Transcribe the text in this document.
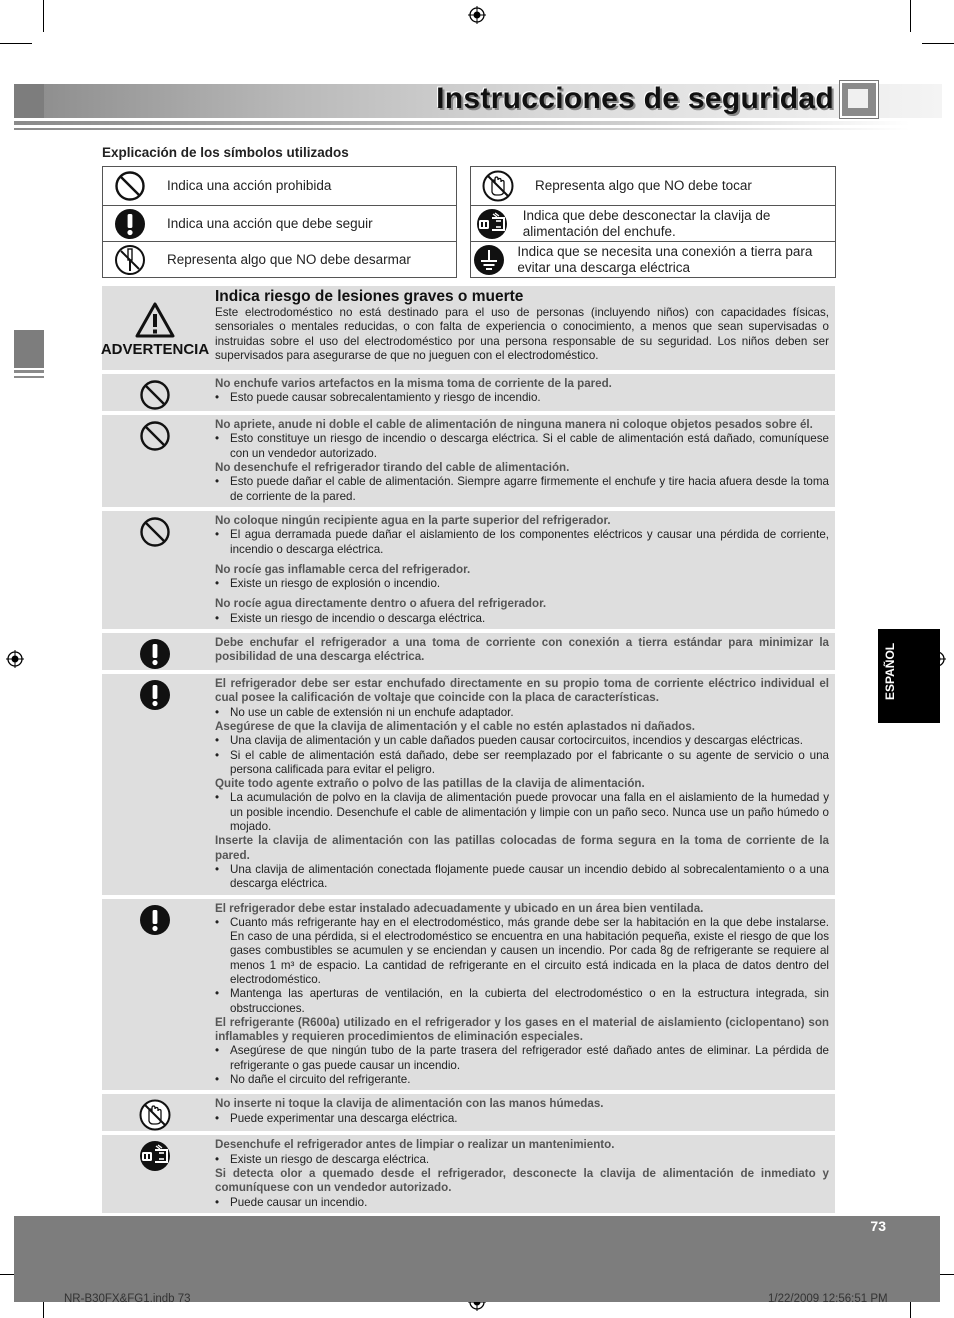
Instrucciones de seguridad
Explicación de los símbolos utilizados
Indica una acción prohibida
Indica una acción que debe seguir
Representa algo que NO debe desarmar
Representa algo que NO debe tocar
Indica que debe desconectar la clavija de alimentación del enchufe.
Indica que se necesita una conexión a tierra para evitar una descarga eléctrica
ADVERTENCIA
Indica riesgo de lesiones graves o muerte
Este electrodoméstico no está destinado para el uso de personas (incluyendo niños) con capacidades físicas, sensoriales o mentales reducidas, o con falta de experiencia o conocimiento, a menos que sean supervisadas o instruidas sobre el uso del electrodoméstico por una persona responsable de su seguridad. Los niños deben ser supervisados para asegurarse de que no jueguen con el electrodoméstico.
No enchufe varios artefactos en la misma toma de corriente de la pared.
• Esto puede causar sobrecalentamiento y riesgo de incendio.
No apriete, anude ni doble el cable de alimentación de ninguna manera ni coloque objetos pesados sobre él.
• Esto constituye un riesgo de incendio o descarga eléctrica. Si el cable de alimentación está dañado, comuníquese con un vendedor autorizado.
No desenchufe el refrigerador tirando del cable de alimentación.
• Esto puede dañar el cable de alimentación. Siempre agarre firmemente el enchufe y tire hacia afuera desde la toma de corriente de la pared.
No coloque ningún recipiente agua en la parte superior del refrigerador.
• El agua derramada puede dañar el aislamiento de los componentes eléctricos y causar una pérdida de corriente, incendio o descarga eléctrica.
No rocíe gas inflamable cerca del refrigerador.
• Existe un riesgo de explosión o incendio.
No rocíe agua directamente dentro o afuera del refrigerador.
• Existe un riesgo de incendio o descarga eléctrica.
Debe enchufar el refrigerador a una toma de corriente con conexión a tierra estándar para minimizar la posibilidad de una descarga eléctrica.
El refrigerador debe ser estar enchufado directamente en su propio toma de corriente eléctrico individual el cual posee la calificación de voltaje que coincide con la placa de características.
• No use un cable de extensión ni un enchufe adaptador.
Asegúrese de que la clavija de alimentación y el cable no estén aplastados ni dañados.
• Una clavija de alimentación y un cable dañados pueden causar cortocircuitos, incendios y descargas eléctricas.
• Si el cable de alimentación está dañado, debe ser reemplazado por el fabricante o su agente de servicio o una persona calificada para evitar el peligro.
Quite todo agente extraño o polvo de las patillas de la clavija de alimentación.
• La acumulación de polvo en la clavija de alimentación puede provocar una falla en el aislamiento de la humedad y un posible incendio. Desenchufe el cable de alimentación y limpie con un paño seco. Nunca use un paño húmedo o mojado.
Inserte la clavija de alimentación con las patillas colocadas de forma segura en la toma de corriente de la pared.
• Una clavija de alimentación conectada flojamente puede causar un incendio debido al sobrecalentamiento o a una descarga eléctrica.
El refrigerador debe estar instalado adecuadamente y ubicado en un área bien ventilada.
• Cuanto más refrigerante hay en el electrodoméstico, más grande debe ser la habitación en la que debe instalarse. En caso de una pérdida, si el electrodoméstico se encuentra en una habitación pequeña, existe el riesgo de que los gases combustibles se acumulen y se enciendan y causen un incendio. Por cada 8g de refrigerante se requiere al menos 1 m³ de espacio. La cantidad de refrigerante en el circuito está indicada en la placa de datos dentro del electrodoméstico.
• Mantenga las aperturas de ventilación, en la cubierta del electrodoméstico o en la estructura integrada, sin obstrucciones.
El refrigerante (R600a) utilizado en el refrigerador y los gases en el material de aislamiento (ciclopentano) son inflamables y requieren procedimientos de eliminación especiales.
• Asegúrese de que ningún tubo de la parte trasera del refrigerador esté dañado antes de eliminar. La pérdida de refrigerante o gas puede causar un incendio.
• No dañe el circuito del refrigerante.
No inserte ni toque la clavija de alimentación con las manos húmedas.
• Puede experimentar una descarga eléctrica.
Desenchufe el refrigerador antes de limpiar o realizar un mantenimiento.
• Existe un riesgo de descarga eléctrica.
Si detecta olor a quemado desde el refrigerador, desconecte la clavija de alimentación de inmediato y comuníquese con un vendedor autorizado.
• Puede causar un incendio.
ESPAÑOL
73
NR-B30FX&FG1.indb 73	1/22/2009 12:56:51 PM
